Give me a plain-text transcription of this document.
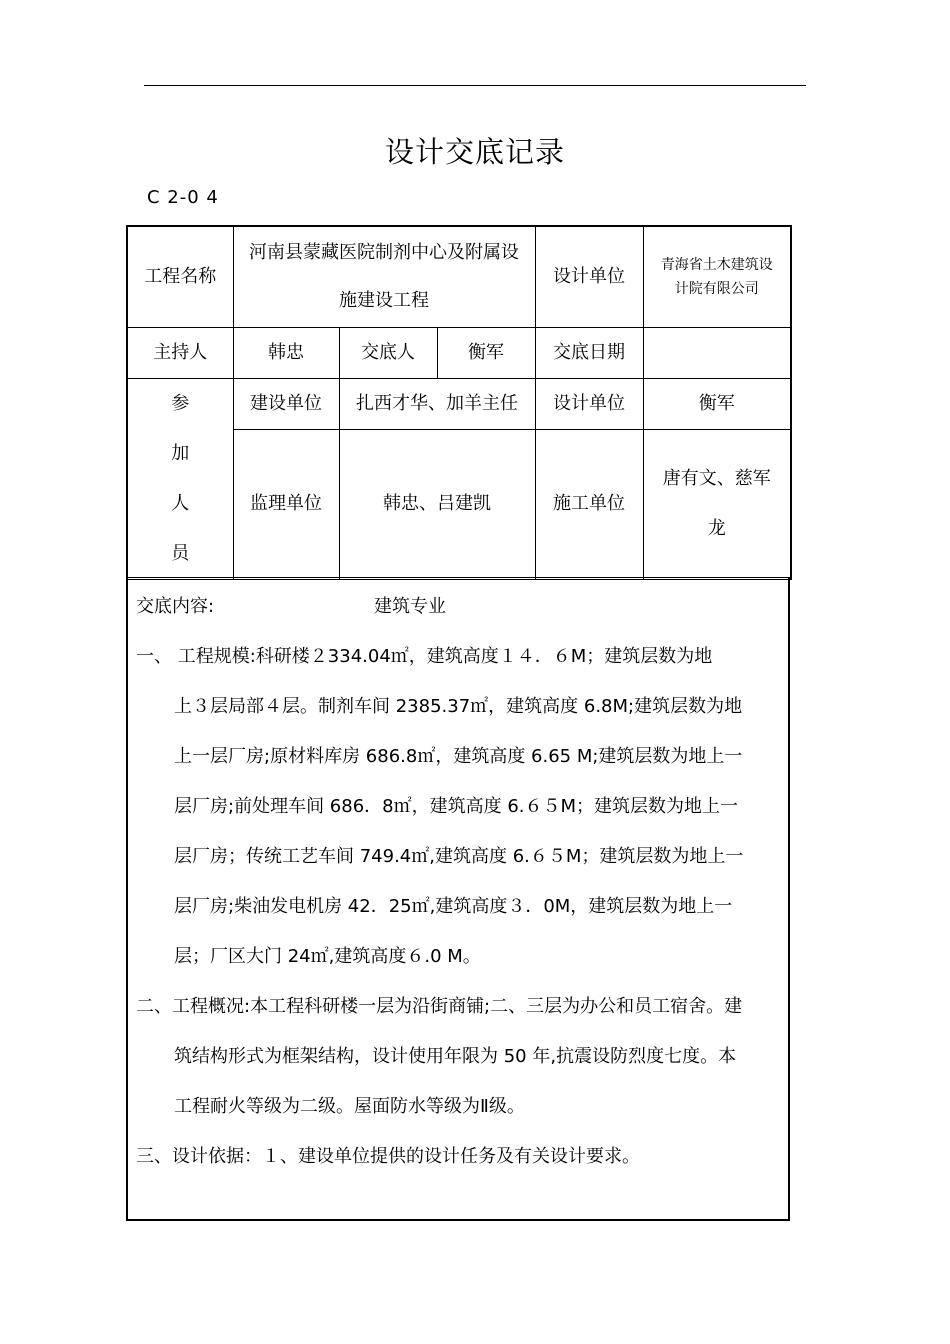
设计交底记录
C 2-0 4
工程名称	河南县蒙藏医院制剂中心及附属设施建设工程			设计单位	青海省土木建筑设计院有限公司
主持人	韩忠	交底人	衡军	交底日期	

参
加
人
员	建设单位	扎西才华、加羊主任		设计单位	衡军
	监理单位	韩忠、吕建凯		施工单位	唐有文、慈军龙
交底内容:	建筑专业
一、 工程规模:科研楼２334.04㎡，建筑高度１４．６M；建筑层数为地
上３层局部４层。制剂车间 2385.37㎡，建筑高度 6.8M;建筑层数为地
上一层厂房;原材料库房 686.8㎡，建筑高度 6.65 M;建筑层数为地上一
层厂房;前处理车间 686．8㎡，建筑高度 6.６５M；建筑层数为地上一
层厂房；传统工艺车间 749.4㎡,建筑高度 6.６５M；建筑层数为地上一
层厂房;柴油发电机房 42．25㎡,建筑高度３．0M，建筑层数为地上一
层；厂区大门 24㎡,建筑高度６.0 M。
二、工程概况:本工程科研楼一层为沿街商铺;二、三层为办公和员工宿舍。建
筑结构形式为框架结构，设计使用年限为 50 年,抗震设防烈度七度。本
工程耐火等级为二级。屋面防水等级为Ⅱ级。
三、设计依据：１、建设单位提供的设计任务及有关设计要求。
